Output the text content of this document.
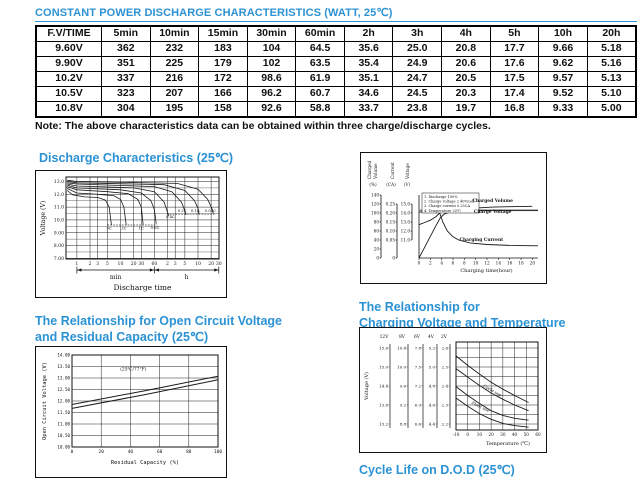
CONSTANT POWER DISCHARGE CHARACTERISTICS (WATT, 25℃)
F.V/TIME	5min	10min	15min	30min	60min	2h	3h	4h	5h	10h	20h
9.60V	362	232	183	104	64.5	35.6	25.0	20.8	17.7	9.66	5.18
9.90V	351	225	179	102	63.5	35.4	24.9	20.6	17.6	9.62	5.16
10.2V	337	216	172	98.6	61.9	35.1	24.7	20.5	17.5	9.57	5.13
10.5V	323	207	166	96.2	60.7	34.6	24.5	20.3	17.4	9.52	5.10
10.8V	304	195	158	92.6	58.8	33.7	23.8	19.7	16.8	9.33	5.00
Note: The above characteristics data can be obtained within three charge/discharge cycles.
Discharge Characteristics (25℃)
1 2 3 5 10 20 30 60 2 3 5 10 20 30
13.0
12.0
11.0
10.0
9.00
8.00
7.00
3C 2C	1C 0.6C
0.4C
0.2C 0.1C 0.05C
Voltage (V)
min	h
Discharge time
Charged Volume
(%)
Current
(CA)
Voltage
(V)
0
20
40
60
80
100
120
140
0
0.05
0.10
0.15
0.20
0.25
11.0
12.0
13.0
14.0
15.0
0 2 4 6 8 10 12 14 16 18 20
Charging time(hour)
1. Discharge 100%
2. Charge voltage 2.40V/cell
3. Charge current 0.25CA
4. Temperature 25℃
Charged Volume
Charge Voltage
Charging Current
The Relationship for Open Circuit Voltage
and Residual Capacity (25℃)
0	20	40	60	80	100
14.00
13.50
13.00
12.50
12.00
11.50
11.00
10.50
10.00
(25℃/77°F)
Residual Capacity (%)
Open Circuit Voltage (V)
The Relationship for
Charging Voltage and Temperature
12V
15.6
15.0
14.4
13.8
13.2
8V
10.4
10.0
9.6
9.2
8.8
6V
7.8
7.5
7.2
6.9
6.6
4V
5.2
5.0
4.8
4.6
4.4
2V
2.6
2.5
2.4
2.3
2.2
-10 0 10 20 30 40 50 60
Cycle use
Float use
Temperature (℃)
Voltage (V)
Cycle Life on D.O.D (25℃)
